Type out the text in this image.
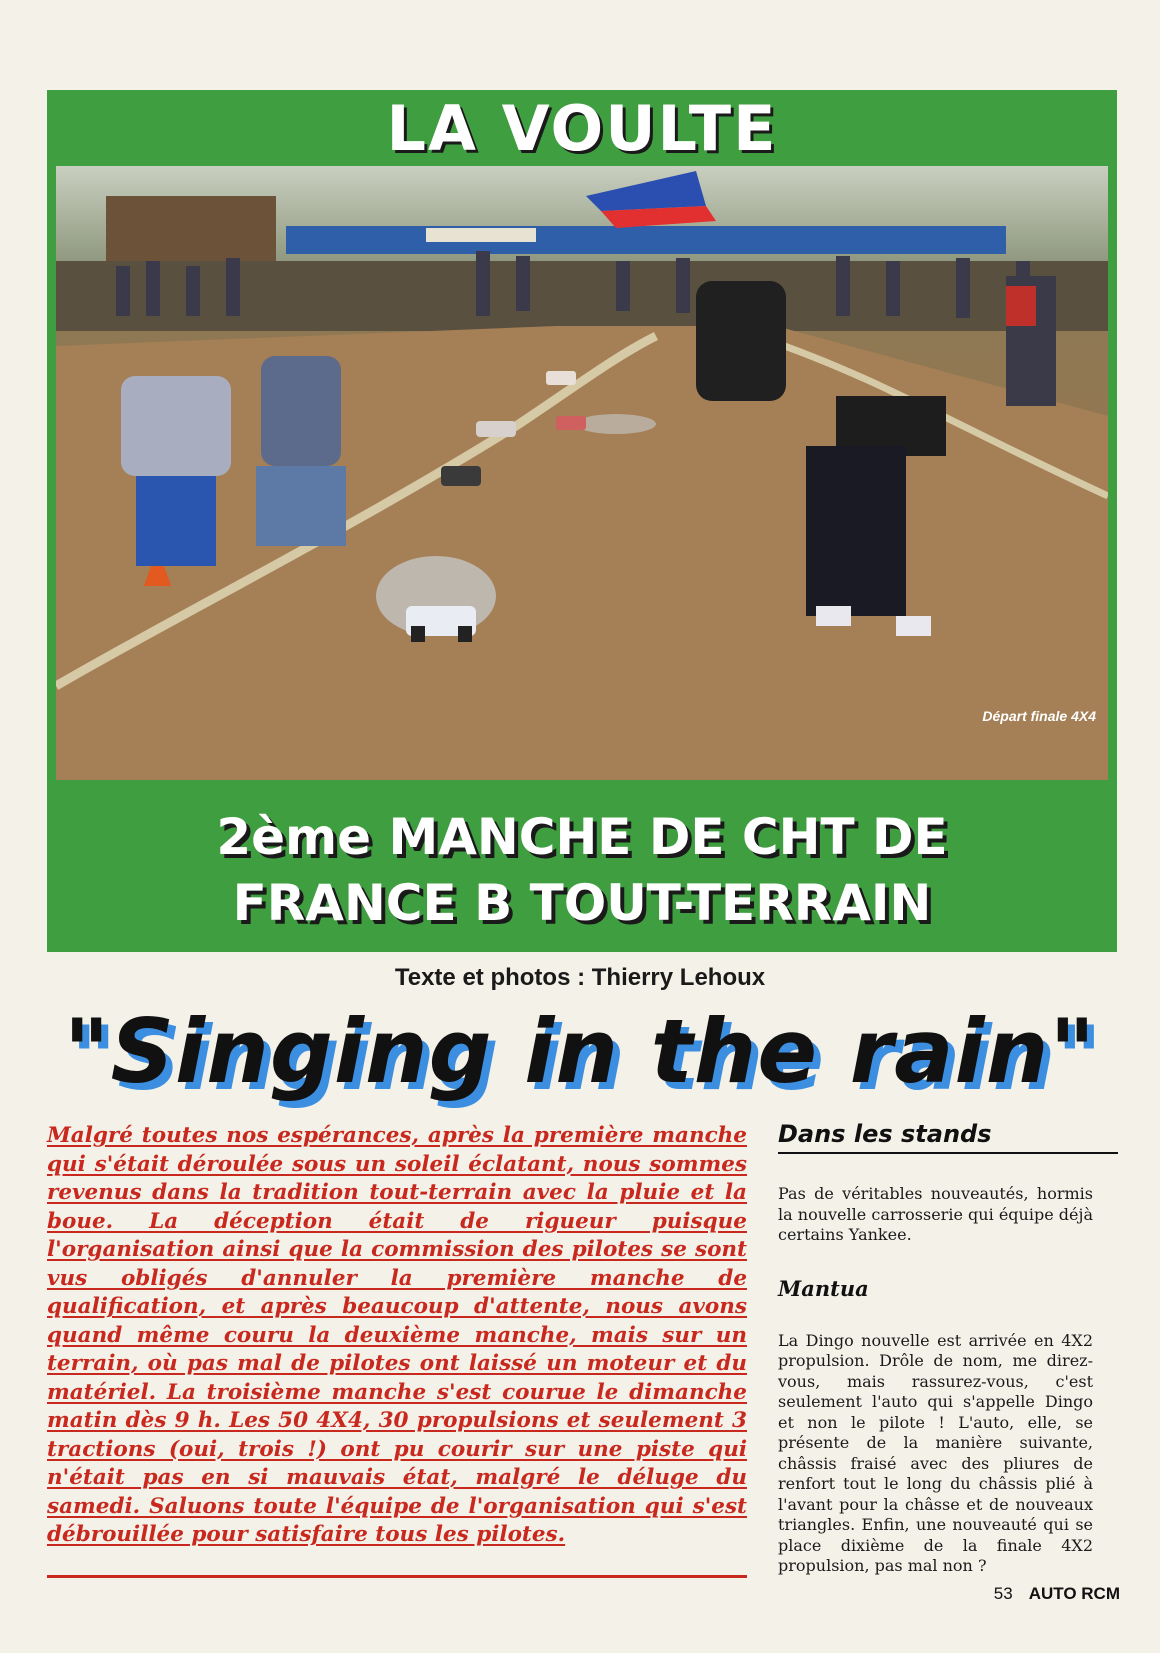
LA VOULTE
Départ finale 4X4
2ème MANCHE DE CHT DE
FRANCE B TOUT-TERRAIN
Texte et photos : Thierry Lehoux
"Singing in the rain"
Malgré toutes nos espérances, après la première manche qui s'était déroulée sous un soleil éclatant, nous sommes revenus dans la tradition tout-terrain avec la pluie et la boue. La déception était de rigueur puisque l'organisation ainsi que la commission des pilotes se sont vus obligés d'annuler la première manche de qualification, et après beaucoup d'attente, nous avons quand même couru la deuxième manche, mais sur un terrain, où pas mal de pilotes ont laissé un moteur et du matériel. La troisième manche s'est courue le dimanche matin dès 9 h. Les 50 4X4, 30 propulsions et seulement 3 tractions (oui, trois !) ont pu courir sur une piste qui n'était pas en si mauvais état, malgré le déluge du samedi. Saluons toute l'équipe de l'organisation qui s'est débrouillée pour satisfaire tous les pilotes.
Dans les stands

Pas de véritables nouveautés, hormis la nouvelle carrosserie qui équipe déjà certains Yankee.

Mantua

La Dingo nouvelle est arrivée en 4X2 propulsion. Drôle de nom, me direz-vous, mais rassurez-vous, c'est seulement l'auto qui s'appelle Dingo et non le pilote ! L'auto, elle, se présente de la manière suivante, châssis fraisé avec des pliures de renfort tout le long du châssis plié à l'avant pour la châsse et de nouveaux triangles. Enfin, une nouveauté qui se place dixième de la finale 4X2 propulsion, pas mal non ?

53 AUTO RCM
